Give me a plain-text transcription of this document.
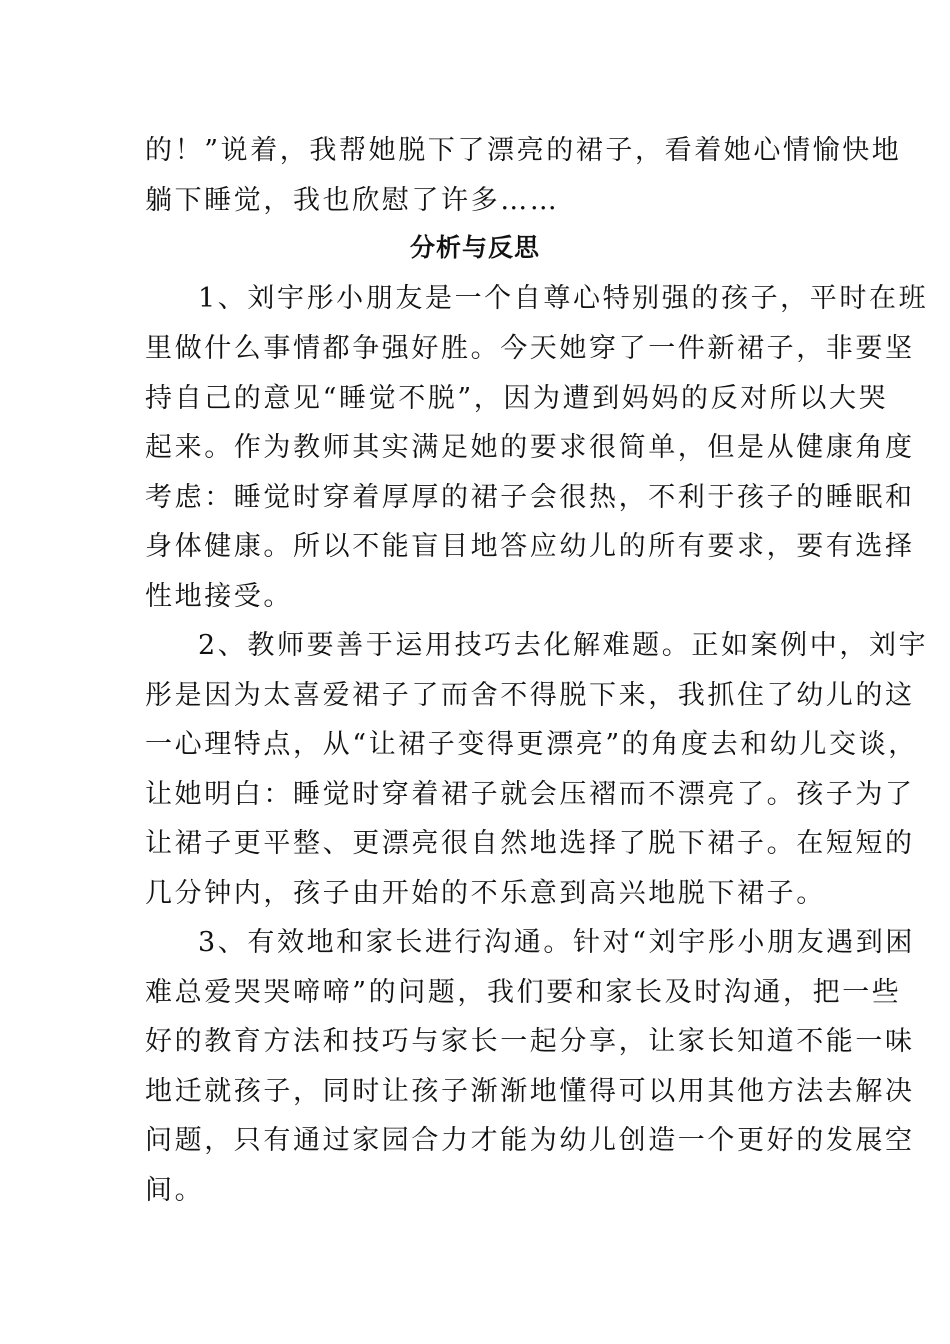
的！”说着，我帮她脱下了漂亮的裙子，看着她心情愉快地
躺下睡觉，我也欣慰了许多……
分析与反思
1、刘宇彤小朋友是一个自尊心特别强的孩子，平时在班
里做什么事情都争强好胜。今天她穿了一件新裙子，非要坚
持自己的意见“睡觉不脱”，因为遭到妈妈的反对所以大哭
起来。作为教师其实满足她的要求很简单，但是从健康角度
考虑：睡觉时穿着厚厚的裙子会很热，不利于孩子的睡眠和
身体健康。所以不能盲目地答应幼儿的所有要求，要有选择
性地接受。
2、教师要善于运用技巧去化解难题。正如案例中，刘宇
彤是因为太喜爱裙子了而舍不得脱下来，我抓住了幼儿的这
一心理特点，从“让裙子变得更漂亮”的角度去和幼儿交谈，
让她明白：睡觉时穿着裙子就会压褶而不漂亮了。孩子为了
让裙子更平整、更漂亮很自然地选择了脱下裙子。在短短的
几分钟内，孩子由开始的不乐意到高兴地脱下裙子。
3、有效地和家长进行沟通。针对“刘宇彤小朋友遇到困
难总爱哭哭啼啼”的问题，我们要和家长及时沟通，把一些
好的教育方法和技巧与家长一起分享，让家长知道不能一味
地迁就孩子，同时让孩子渐渐地懂得可以用其他方法去解决
问题，只有通过家园合力才能为幼儿创造一个更好的发展空
间。
